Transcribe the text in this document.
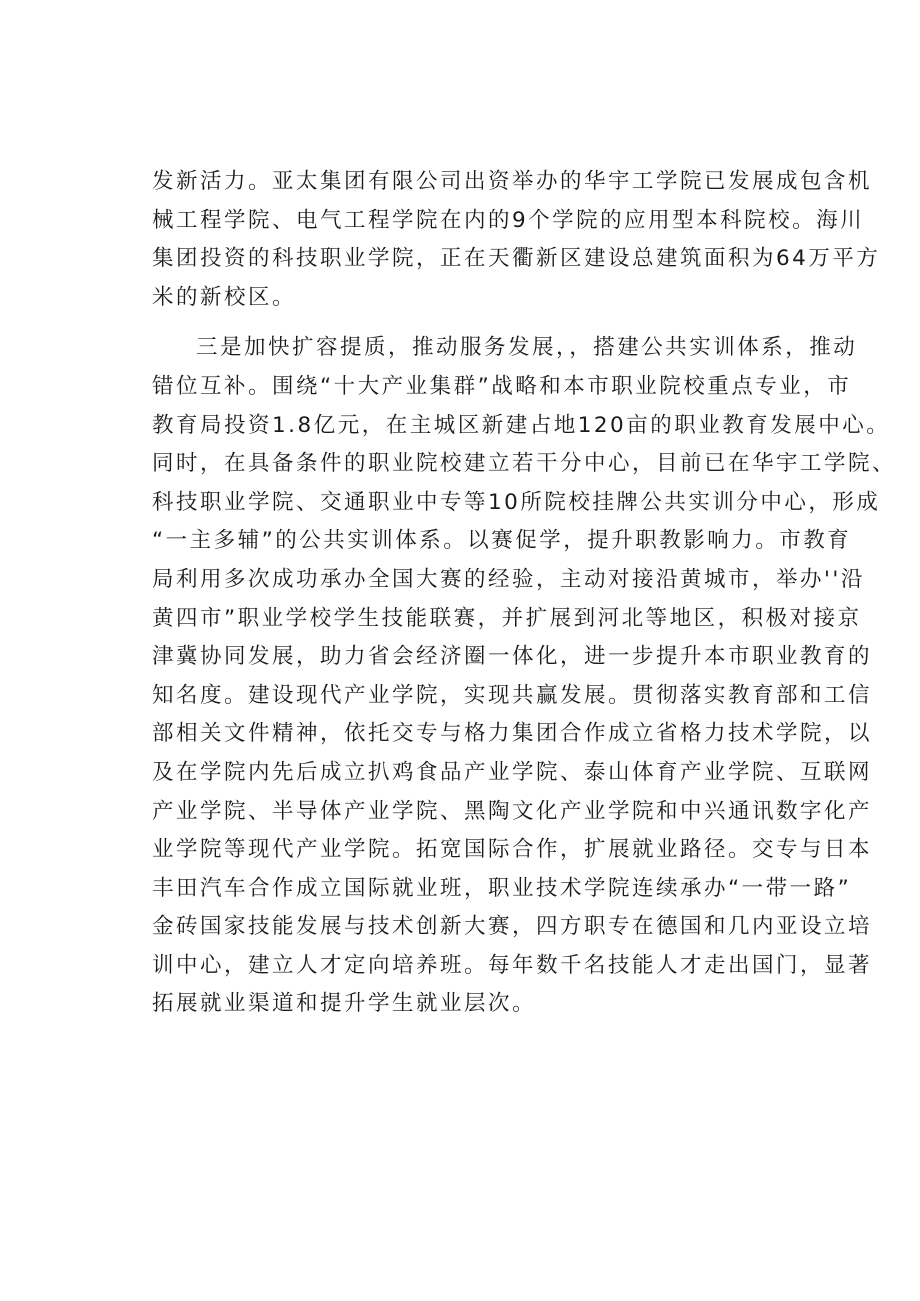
发新活力。亚太集团有限公司出资举办的华宇工学院已发展成包含机
械工程学院、电气工程学院在内的9个学院的应用型本科院校。海川
集团投资的科技职业学院，正在天衢新区建设总建筑面积为64万平方
米的新校区。
三是加快扩容提质，推动服务发展，，搭建公共实训体系，推动
错位互补。围绕“十大产业集群”战略和本市职业院校重点专业，市
教育局投资1.8亿元，在主城区新建占地120亩的职业教育发展中心。
同时，在具备条件的职业院校建立若干分中心，目前已在华宇工学院、
科技职业学院、交通职业中专等10所院校挂牌公共实训分中心，形成
“一主多辅”的公共实训体系。以赛促学，提升职教影响力。市教育
局利用多次成功承办全国大赛的经验，主动对接沿黄城市，举办''沿
黄四市”职业学校学生技能联赛，并扩展到河北等地区，积极对接京
津冀协同发展，助力省会经济圈一体化，进一步提升本市职业教育的
知名度。建设现代产业学院，实现共赢发展。贯彻落实教育部和工信
部相关文件精神，依托交专与格力集团合作成立省格力技术学院，以
及在学院内先后成立扒鸡食品产业学院、泰山体育产业学院、互联网
产业学院、半导体产业学院、黑陶文化产业学院和中兴通讯数字化产
业学院等现代产业学院。拓宽国际合作，扩展就业路径。交专与日本
丰田汽车合作成立国际就业班，职业技术学院连续承办“一带一路”
金砖国家技能发展与技术创新大赛，四方职专在德国和几内亚设立培
训中心，建立人才定向培养班。每年数千名技能人才走出国门，显著
拓展就业渠道和提升学生就业层次。
